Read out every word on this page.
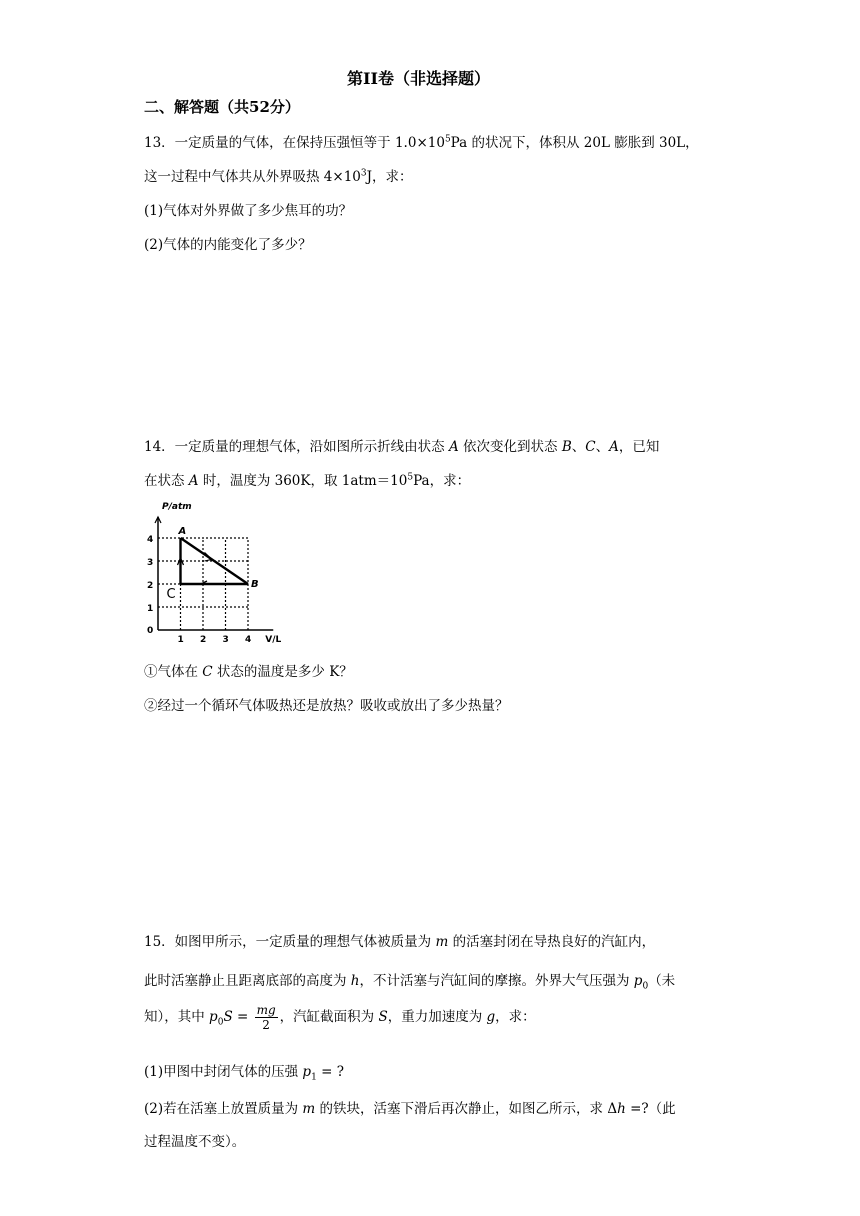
第II卷（非选择题）
二、解答题（共52分）
13．一定质量的气体，在保持压强恒等于 $1.0\times 10^5Pa$ 的状况下，体积从 20L 膨胀到 30L，
这一过程中气体共从外界吸热 $4\times 10^3J$，求：
(1)气体对外界做了多少焦耳的功？
(2)气体的内能变化了多少？
14．一定质量的理想气体，沿如图所示折线由状态 A 依次变化到状态 B、C、A，已知
在状态 A 时，温度为 360K，取 $1atm=10^5Pa$，求：
P/atm
V/L
1 2 3 4
0
1
2
3
4
A
B
C
①气体在 C 状态的温度是多少 K？
②经过一个循环气体吸热还是放热？吸收或放出了多少热量？
15．如图甲所示，一定质量的理想气体被质量为 m 的活塞封闭在导热良好的汽缸内，
此时活塞静止且距离底部的高度为 h，不计活塞与汽缸间的摩擦。外界大气压强为 $p_0$（未
知），其中 $p_0S = \frac{mg}{2}$ ，汽缸截面积为 S，重力加速度为 g，求：
(1)甲图中封闭气体的压强 $p_1$ = ?
(2)若在活塞上放置质量为 m 的铁块，活塞下滑后再次静止，如图乙所示，求 Δh =?（此
过程温度不变）。
